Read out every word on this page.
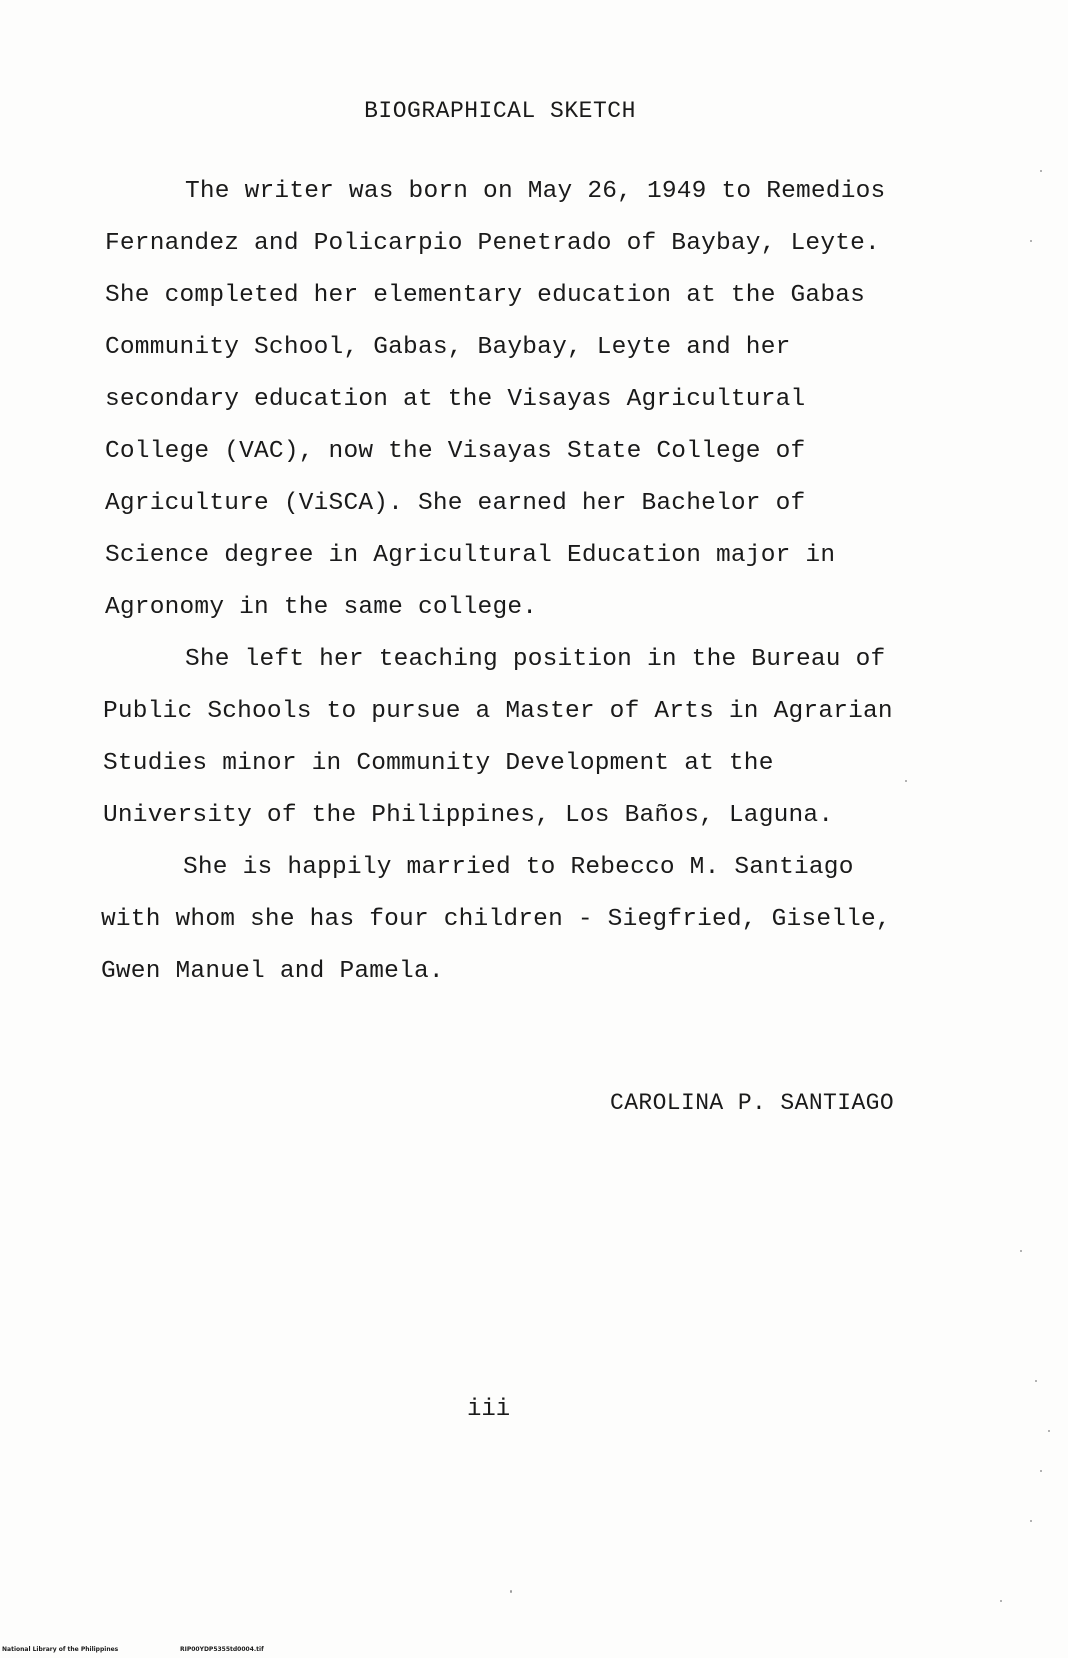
BIOGRAPHICAL SKETCH
The writer was born on May 26, 1949 to Remedios
Fernandez and Policarpio Penetrado of Baybay, Leyte.
She completed her elementary education at the Gabas
Community School, Gabas, Baybay, Leyte and her
secondary education at the Visayas Agricultural
College (VAC), now the Visayas State College of
Agriculture (ViSCA). She earned her Bachelor of
Science degree in Agricultural Education major in
Agronomy in the same college.
She left her teaching position in the Bureau of
Public Schools to pursue a Master of Arts in Agrarian
Studies minor in Community Development at the
University of the Philippines, Los Baños, Laguna.
She is happily married to Rebecco M. Santiago
with whom she has four children - Siegfried, Giselle,
Gwen Manuel and Pamela.
CAROLINA P. SANTIAGO
iii
National Library of the Philippines	RIP00YDP5355td0004.tif
